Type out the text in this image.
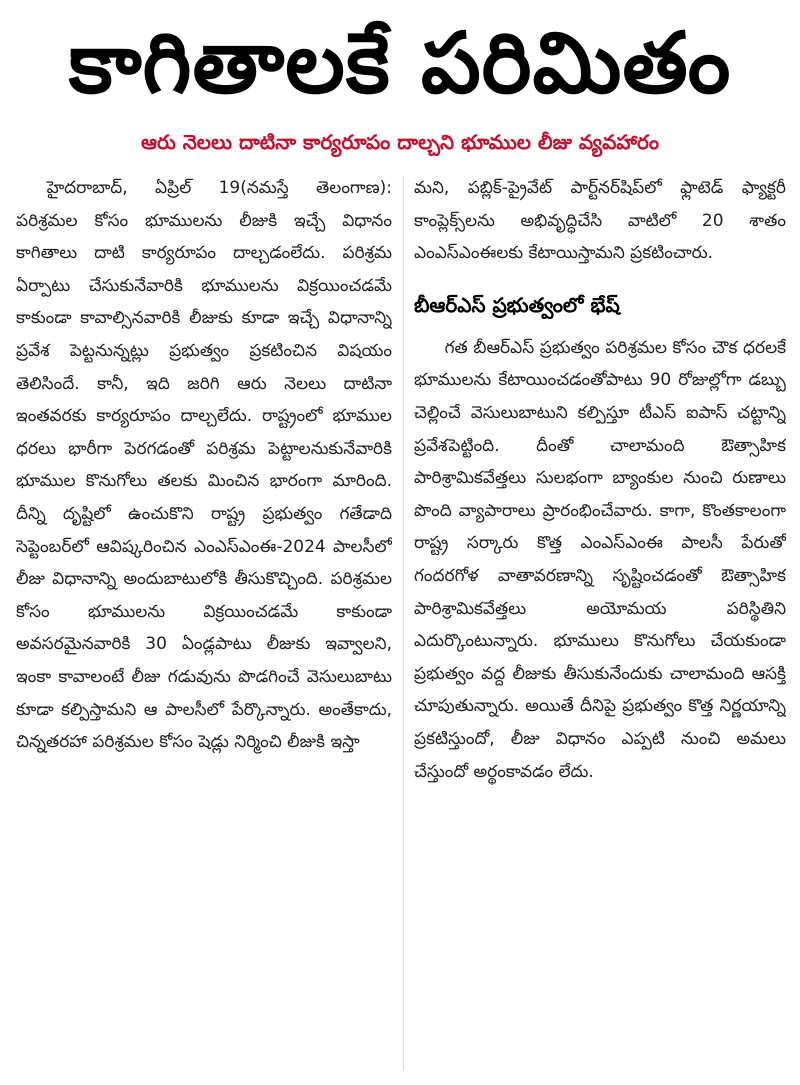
కాగితాలకే పరిమితం
ఆరు నెలలు దాటినా కార్యరూపం దాల్చని భూముల లీజు వ్యవహారం

హైదరాబాద్, ఏప్రిల్ 19(నమస్తే తెలంగాణ): పరిశ్రమల కోసం భూములను లీజుకి ఇచ్చే విధానం కాగితాలు దాటి కార్యరూపం దాల్చడంలేదు. పరిశ్రమ ఏర్పాటు చేసుకునేవారికి భూములను విక్రయించడమే కాకుండా కావాల్సినవారికి లీజుకు కూడా ఇచ్చే విధానాన్ని ప్రవేశ పెట్టనున్నట్లు ప్రభుత్వం ప్రకటించిన విషయం తెలిసిందే. కానీ, ఇది జరిగి ఆరు నెలలు దాటినా ఇంతవరకు కార్యరూపం దాల్చలేదు. రాష్ట్రంలో భూముల ధరలు భారీగా పెరగడంతో పరిశ్రమ పెట్టాలనుకునేవారికి భూముల కొనుగోలు తలకు మించిన భారంగా మారింది. దీన్ని దృష్టిలో ఉంచుకొని రాష్ట్ర ప్రభుత్వం గతేడాది సెప్టెంబర్‌లో ఆవిష్కరించిన ఎంఎస్ఎంఈ-2024 పాలసీలో లీజు విధానాన్ని అందుబాటులోకి తీసుకొచ్చింది. పరిశ్రమల కోసం భూములను విక్రయించడమే కాకుండా అవసరమైనవారికి 30 ఏండ్లపాటు లీజుకు ఇవ్వాలని, ఇంకా కావాలంటే లీజు గడువును పొడగించే వెసులుబాటు కూడా కల్పిస్తామని ఆ పాలసీలో పేర్కొన్నారు. అంతేకాదు, చిన్నతరహా పరిశ్రమల కోసం షెడ్లు నిర్మించి లీజుకి ఇస్తా

మని, పబ్లిక్-ప్రైవేట్ పార్ట్‌నర్‌షిప్‌లో ఫ్లాటెడ్ ఫ్యాక్టరీ కాంప్లెక్స్‌లను అభివృద్ధిచేసి వాటిలో 20 శాతం ఎంఎస్ఎంఈలకు కేటాయిస్తామని ప్రకటించారు.

బీఆర్ఎస్ ప్రభుత్వంలో భేష్

గత బీఆర్ఎస్ ప్రభుత్వం పరిశ్రమల కోసం చౌక ధరలకే భూములను కేటాయించడంతోపాటు 90 రోజుల్లోగా డబ్బు చెల్లించే వెసులుబాటుని కల్పిస్తూ టీఎస్ ఐపాస్ చట్టాన్ని ప్రవేశపెట్టింది. దీంతో చాలామంది ఔత్సాహిక పారిశ్రామికవేత్తలు సులభంగా బ్యాంకుల నుంచి రుణాలు పొంది వ్యాపారాలు ప్రారంభించేవారు. కాగా, కొంతకాలంగా రాష్ట్ర సర్కారు కొత్త ఎంఎస్ఎంఈ పాలసీ పేరుతో గందరగోళ వాతావరణాన్ని సృష్టించడంతో ఔత్సాహిక పారిశ్రామికవేత్తలు అయోమయ పరిస్థితిని ఎదుర్కొంటున్నారు. భూములు కొనుగోలు చేయకుండా ప్రభుత్వం వద్ద లీజుకు తీసుకునేందుకు చాలామంది ఆసక్తి చూపుతున్నారు. అయితే దీనిపై ప్రభుత్వం కొత్త నిర్ణయాన్ని ప్రకటిస్తుందో, లీజు విధానం ఎప్పటి నుంచి అమలు చేస్తుందో అర్థంకావడం లేదు.
